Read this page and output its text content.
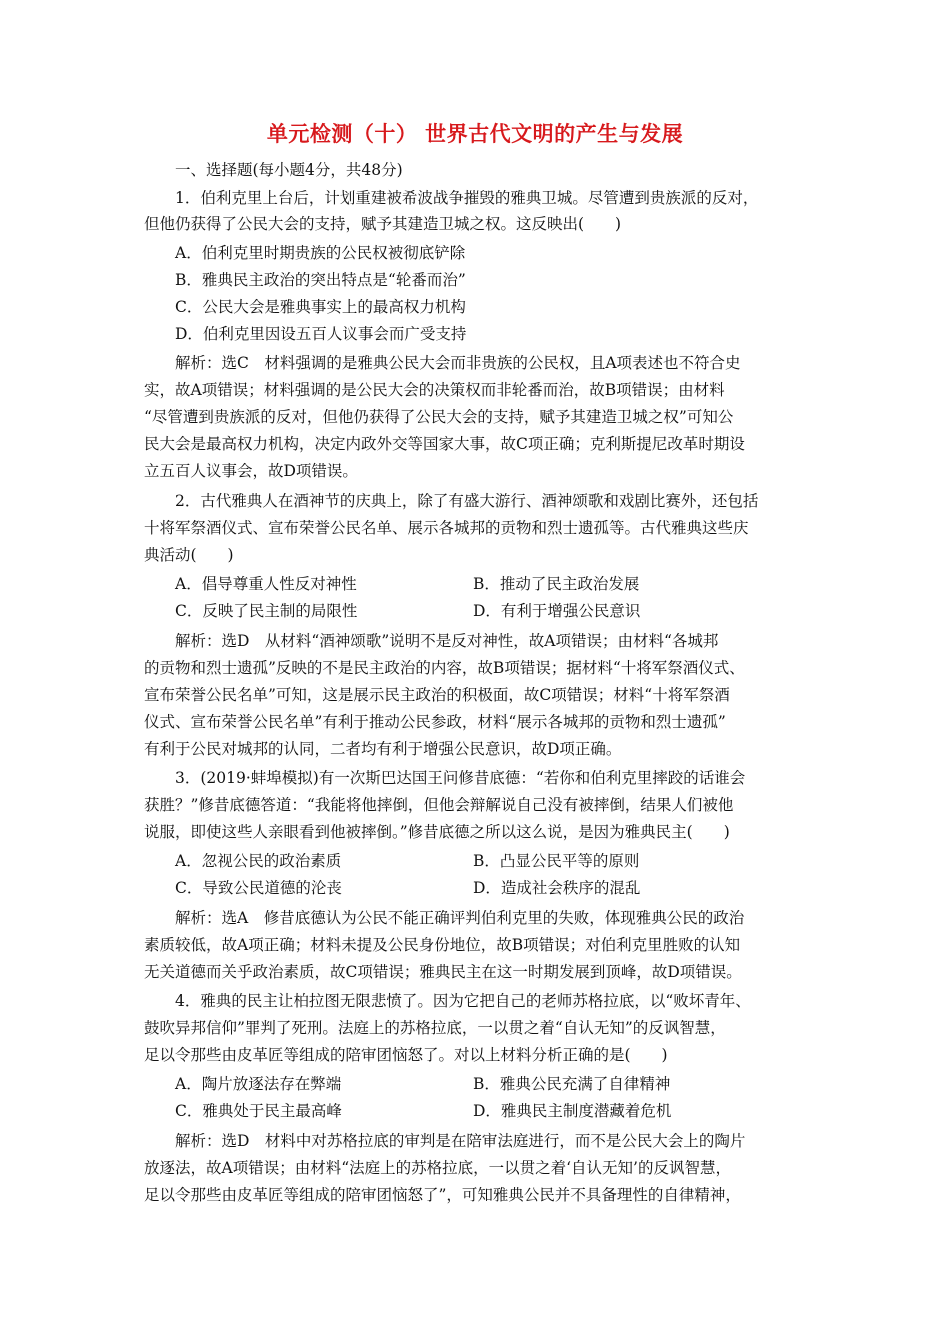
单元检测（十） 世界古代文明的产生与发展
一、选择题(每小题4分，共48分)
1．伯利克里上台后，计划重建被希波战争摧毁的雅典卫城。尽管遭到贵族派的反对，
但他仍获得了公民大会的支持，赋予其建造卫城之权。这反映出(　　)
A．伯利克里时期贵族的公民权被彻底铲除
B．雅典民主政治的突出特点是“轮番而治”
C．公民大会是雅典事实上的最高权力机构
D．伯利克里因设五百人议事会而广受支持
解析：选C　材料强调的是雅典公民大会而非贵族的公民权，且A项表述也不符合史
实，故A项错误；材料强调的是公民大会的决策权而非轮番而治，故B项错误；由材料
“尽管遭到贵族派的反对，但他仍获得了公民大会的支持，赋予其建造卫城之权”可知公
民大会是最高权力机构，决定内政外交等国家大事，故C项正确；克利斯提尼改革时期设
立五百人议事会，故D项错误。
2．古代雅典人在酒神节的庆典上，除了有盛大游行、酒神颂歌和戏剧比赛外，还包括
十将军祭酒仪式、宣布荣誉公民名单、展示各城邦的贡物和烈士遗孤等。古代雅典这些庆
典活动(　　)
A．倡导尊重人性反对神性	B．推动了民主政治发展
C．反映了民主制的局限性	D．有利于增强公民意识
解析：选D　从材料“酒神颂歌”说明不是反对神性，故A项错误；由材料“各城邦
的贡物和烈士遗孤”反映的不是民主政治的内容，故B项错误；据材料“十将军祭酒仪式、
宣布荣誉公民名单”可知，这是展示民主政治的积极面，故C项错误；材料“十将军祭酒
仪式、宣布荣誉公民名单”有利于推动公民参政，材料“展示各城邦的贡物和烈士遗孤”
有利于公民对城邦的认同，二者均有利于增强公民意识，故D项正确。
3．(2019·蚌埠模拟)有一次斯巴达国王问修昔底德：“若你和伯利克里摔跤的话谁会
获胜？”修昔底德答道：“我能将他摔倒，但他会辩解说自己没有被摔倒，结果人们被他
说服，即使这些人亲眼看到他被摔倒。”修昔底德之所以这么说，是因为雅典民主(　　)
A．忽视公民的政治素质	B．凸显公民平等的原则
C．导致公民道德的沦丧	D．造成社会秩序的混乱
解析：选A　修昔底德认为公民不能正确评判伯利克里的失败，体现雅典公民的政治
素质较低，故A项正确；材料未提及公民身份地位，故B项错误；对伯利克里胜败的认知
无关道德而关乎政治素质，故C项错误；雅典民主在这一时期发展到顶峰，故D项错误。
4．雅典的民主让柏拉图无限悲愤了。因为它把自己的老师苏格拉底，以“败坏青年、
鼓吹异邦信仰”罪判了死刑。法庭上的苏格拉底，一以贯之着“自认无知”的反讽智慧，
足以令那些由皮革匠等组成的陪审团恼怒了。对以上材料分析正确的是(　　)
A．陶片放逐法存在弊端	B．雅典公民充满了自律精神
C．雅典处于民主最高峰	D．雅典民主制度潜藏着危机
解析：选D　材料中对苏格拉底的审判是在陪审法庭进行，而不是公民大会上的陶片
放逐法，故A项错误；由材料“法庭上的苏格拉底，一以贯之着‘自认无知’的反讽智慧，
足以令那些由皮革匠等组成的陪审团恼怒了”，可知雅典公民并不具备理性的自律精神，
